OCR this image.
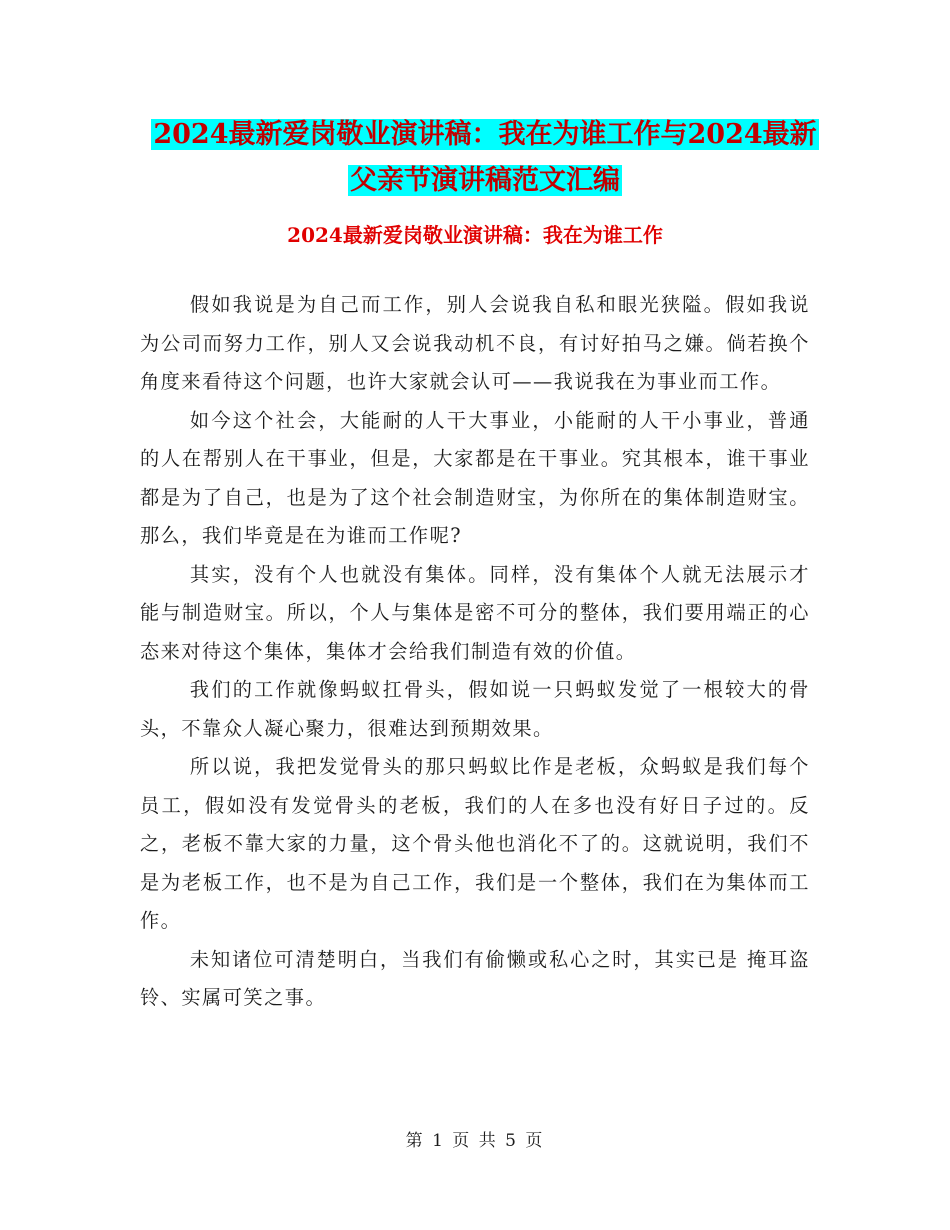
2024最新爱岗敬业演讲稿：我在为谁工作与2024最新
父亲节演讲稿范文汇编
2024最新爱岗敬业演讲稿：我在为谁工作

假如我说是为自己而工作，别人会说我自私和眼光狭隘。假如我说为公司而努力工作，别人又会说我动机不良，有讨好拍马之嫌。倘若换个角度来看待这个问题，也许大家就会认可——我说我在为事业而工作。

如今这个社会，大能耐的人干大事业，小能耐的人干小事业，普通的人在帮别人在干事业，但是，大家都是在干事业。究其根本，谁干事业都是为了自己，也是为了这个社会制造财宝，为你所在的集体制造财宝。那么，我们毕竟是在为谁而工作呢?

其实，没有个人也就没有集体。同样，没有集体个人就无法展示才能与制造财宝。所以，个人与集体是密不可分的整体，我们要用端正的心态来对待这个集体，集体才会给我们制造有效的价值。

我们的工作就像蚂蚁扛骨头，假如说一只蚂蚁发觉了一根较大的骨头，不靠众人凝心聚力，很难达到预期效果。

所以说，我把发觉骨头的那只蚂蚁比作是老板，众蚂蚁是我们每个员工，假如没有发觉骨头的老板，我们的人在多也没有好日子过的。反之，老板不靠大家的力量，这个骨头他也消化不了的。这就说明，我们不是为老板工作，也不是为自己工作，我们是一个整体，我们在为集体而工作。

未知诸位可清楚明白，当我们有偷懒或私心之时，其实已是 掩耳盗铃、实属可笑之事。

第 1 页 共 5 页
